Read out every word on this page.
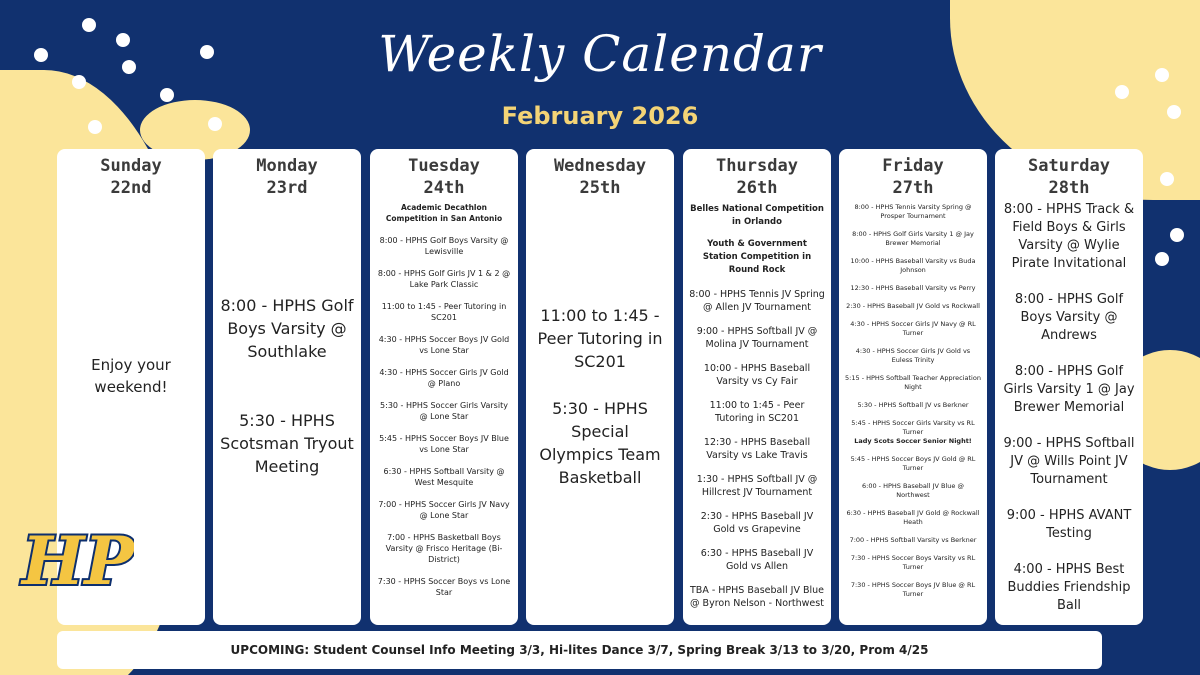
Weekly Calendar
February 2026
Sunday
22nd
Enjoy your weekend!
Monday
23rd
8:00 - HPHS Golf Boys Varsity @ Southlake
5:30 - HPHS Scotsman Tryout Meeting
Tuesday
24th
Academic Decathlon Competition in San Antonio
8:00 - HPHS Golf Boys Varsity @ Lewisville
8:00 - HPHS Golf Girls JV 1 & 2 @ Lake Park Classic
11:00 to 1:45 - Peer Tutoring in SC201
4:30 - HPHS Soccer Boys JV Gold vs Lone Star
4:30 - HPHS Soccer Girls JV Gold @ Plano
5:30 - HPHS Soccer Girls Varsity @ Lone Star
5:45 - HPHS Soccer Boys JV Blue vs Lone Star
6:30 - HPHS Softball Varsity @ West Mesquite
7:00 - HPHS Soccer Girls JV Navy @ Lone Star
7:00 - HPHS Basketball Boys Varsity @ Frisco Heritage (Bi-District)
7:30 - HPHS Soccer Boys vs Lone Star
Wednesday
25th
11:00 to 1:45 - Peer Tutoring in SC201
5:30 - HPHS Special Olympics Team Basketball
Thursday
26th
Belles National Competition in Orlando
Youth & Government Station Competition in Round Rock
8:00 - HPHS Tennis JV Spring @ Allen JV Tournament
9:00 - HPHS Softball JV @ Molina JV Tournament
10:00 - HPHS Baseball Varsity vs Cy Fair
11:00 to 1:45 - Peer Tutoring in SC201
12:30 - HPHS Baseball Varsity vs Lake Travis
1:30 - HPHS Softball JV @ Hillcrest JV Tournament
2:30 - HPHS Baseball JV Gold vs Grapevine
6:30 - HPHS Baseball JV Gold vs Allen
TBA - HPHS Baseball JV Blue @ Byron Nelson - Northwest
Friday
27th
8:00 - HPHS Tennis Varsity Spring @ Prosper Tournament
8:00 - HPHS Golf Girls Varsity 1 @ Jay Brewer Memorial
10:00 - HPHS Baseball Varsity vs Buda Johnson
12:30 - HPHS Baseball Varsity vs Perry
2:30 - HPHS Baseball JV Gold vs Rockwall
4:30 - HPHS Soccer Girls JV Navy @ RL Turner
4:30 - HPHS Soccer Girls JV Gold vs Euless Trinity
5:15 - HPHS Softball Teacher Appreciation Night
5:30 - HPHS Softball JV vs Berkner
5:45 - HPHS Soccer Girls Varsity vs RL Turner
Lady Scots Soccer Senior Night!
5:45 - HPHS Soccer Boys JV Gold @ RL Turner
6:00 - HPHS Baseball JV Blue @ Northwest
6:30 - HPHS Baseball JV Gold @ Rockwall Heath
7:00 - HPHS Softball Varsity vs Berkner
7:30 - HPHS Soccer Boys Varsity vs RL Turner
7:30 - HPHS Soccer Boys JV Blue @ RL Turner
Saturday
28th
8:00 - HPHS Track & Field Boys & Girls Varsity @ Wylie Pirate Invitational
8:00 - HPHS Golf Boys Varsity @ Andrews
8:00 - HPHS Golf Girls Varsity 1 @ Jay Brewer Memorial
9:00 - HPHS Softball JV @ Wills Point JV Tournament
9:00 - HPHS AVANT Testing
4:00 - HPHS Best Buddies Friendship Ball
HP
UPCOMING: Student Counsel Info Meeting 3/3, Hi-lites Dance 3/7, Spring Break 3/13 to 3/20, Prom 4/25
